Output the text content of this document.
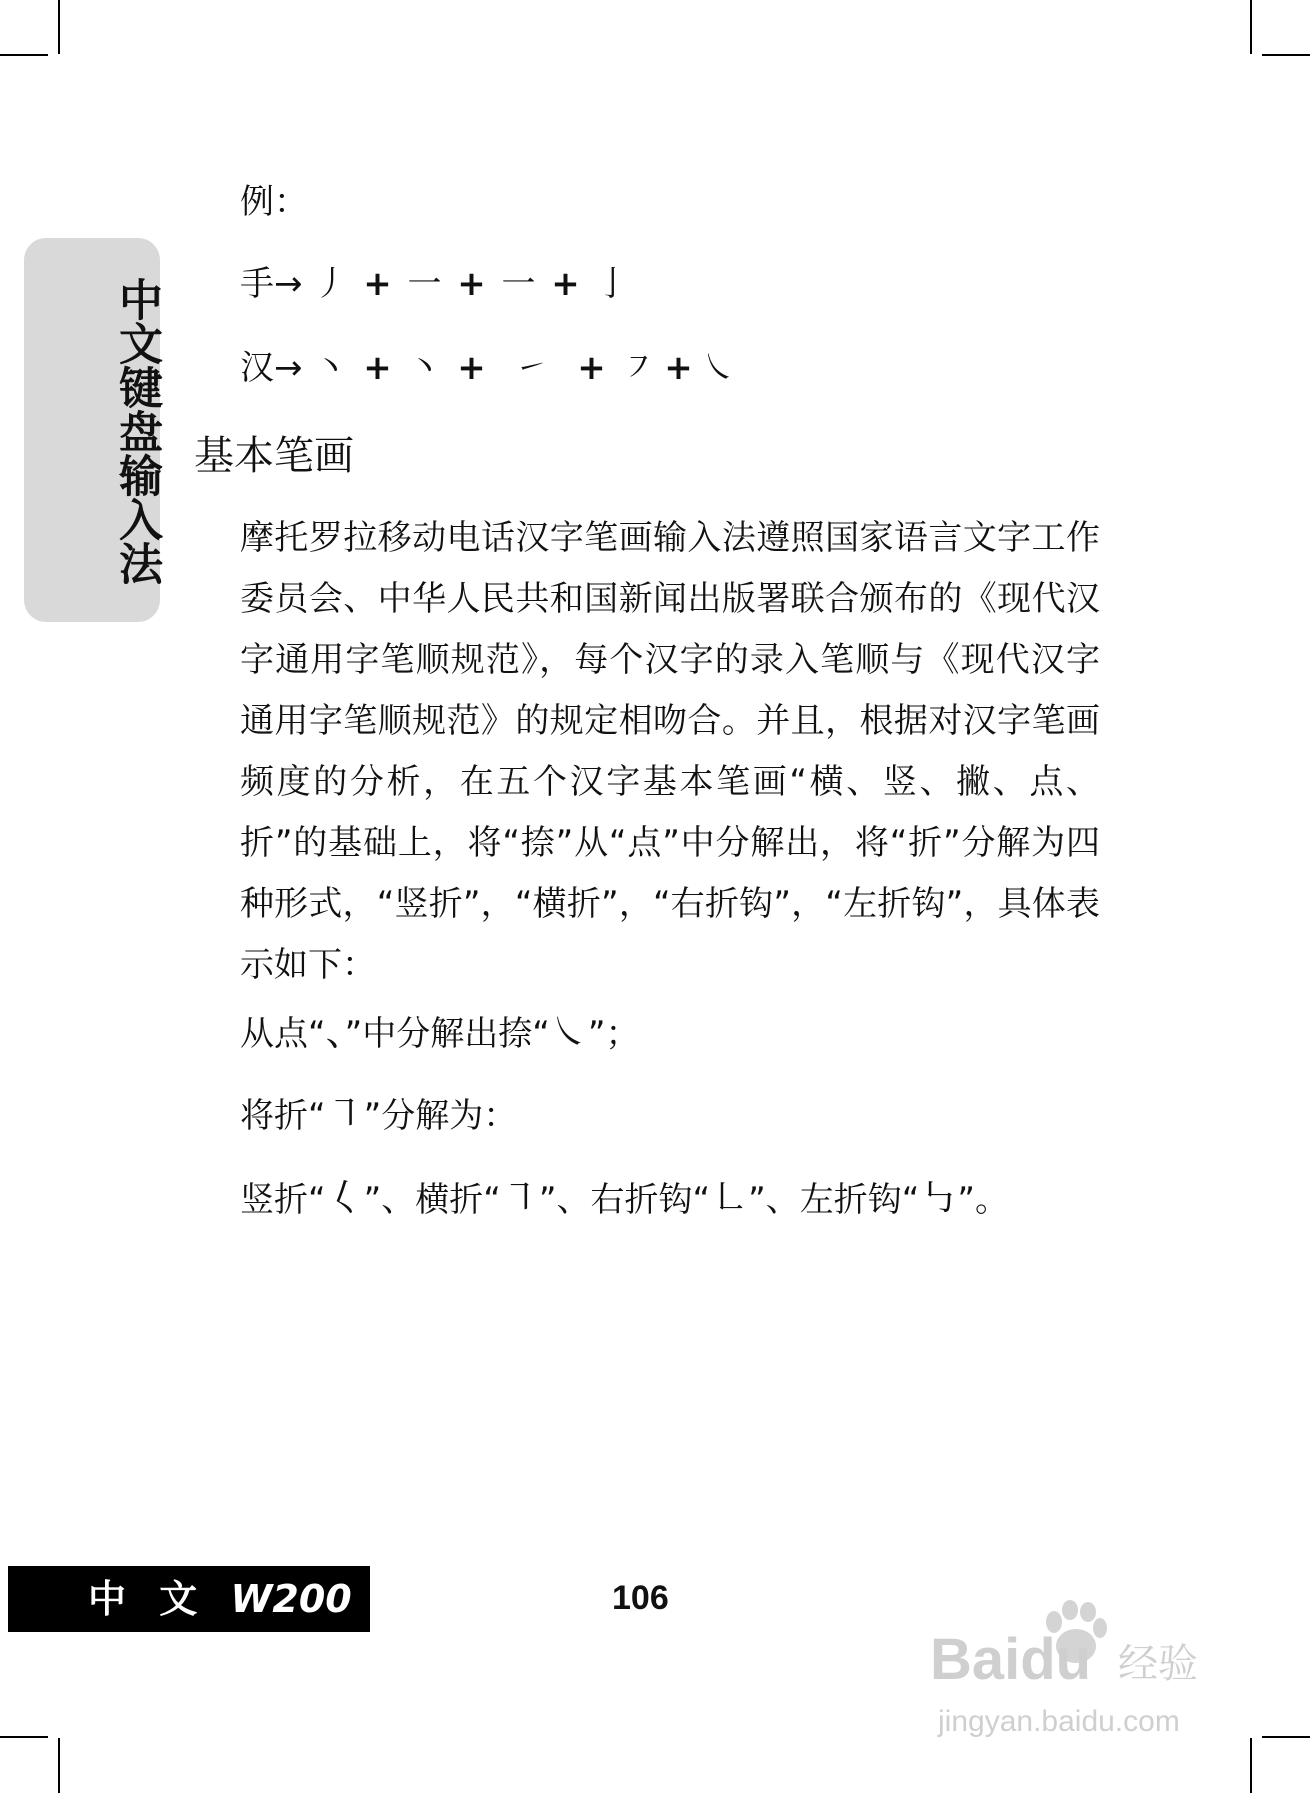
中文键盘输入法
例：
手→ 丿 + 一 + 一 + 亅
汉→ 丶 + 丶 + ㇀ + ㇇ + ㇏
基本笔画
摩托罗拉移动电话汉字笔画输入法遵照国家语言文字工作委员会、中华人民共和国新闻出版署联合颁布的《现代汉字通用字笔顺规范》，每个汉字的录入笔顺与《现代汉字通用字笔顺规范》的规定相吻合。并且，根据对汉字笔画频度的分析，在五个汉字基本笔画“横、竖、撇、点、折”的基础上，将“捺”从“点”中分解出，将“折”分解为四种形式，“竖折”，“横折”，“右折钩”，“左折钩”，具体表示如下：
从点“、”中分解出捺“㇏”；
将折“㇕”分解为：
竖折“𡿨”、横折“㇕”、右折钩“㇗”、左折钩“㇉”。
中 文 W200	106
Baidu 经验
jingyan.baidu.com
